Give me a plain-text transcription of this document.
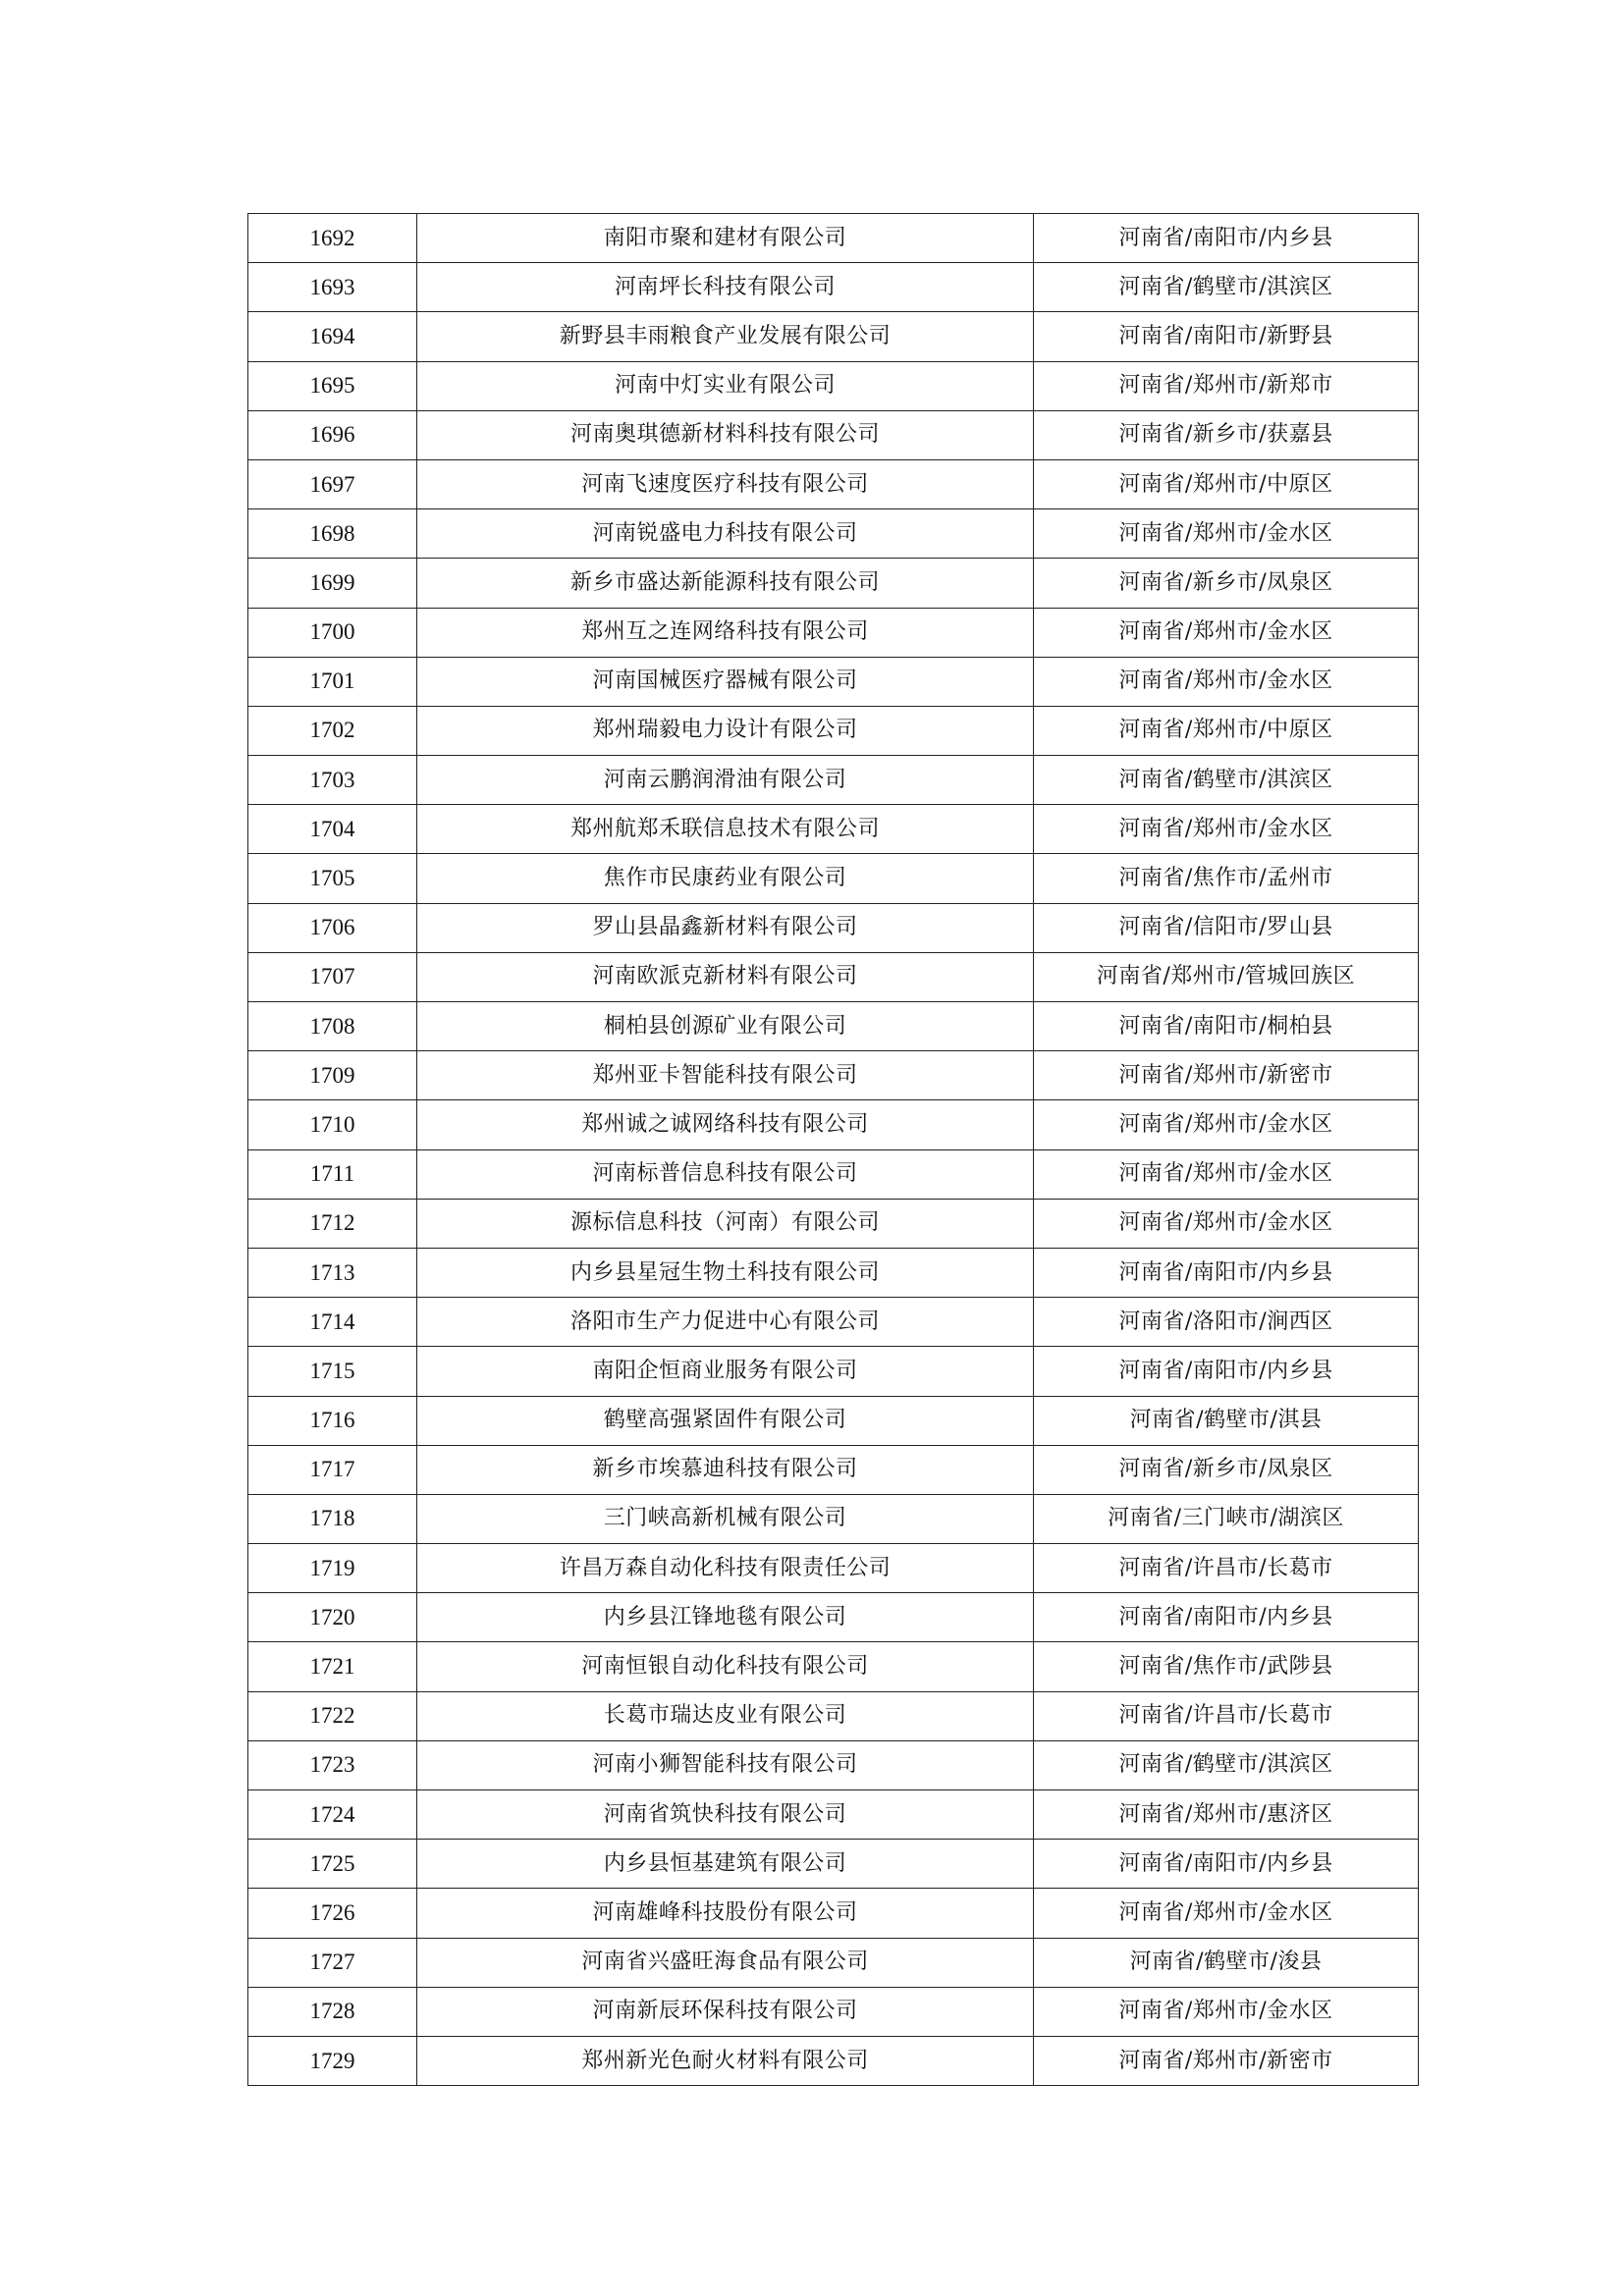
1692	南阳市聚和建材有限公司	河南省/南阳市/内乡县
1693	河南坪长科技有限公司	河南省/鹤壁市/淇滨区
1694	新野县丰雨粮食产业发展有限公司	河南省/南阳市/新野县
1695	河南中灯实业有限公司	河南省/郑州市/新郑市
1696	河南奥琪德新材料科技有限公司	河南省/新乡市/获嘉县
1697	河南飞速度医疗科技有限公司	河南省/郑州市/中原区
1698	河南锐盛电力科技有限公司	河南省/郑州市/金水区
1699	新乡市盛达新能源科技有限公司	河南省/新乡市/凤泉区
1700	郑州互之连网络科技有限公司	河南省/郑州市/金水区
1701	河南国械医疗器械有限公司	河南省/郑州市/金水区
1702	郑州瑞毅电力设计有限公司	河南省/郑州市/中原区
1703	河南云鹏润滑油有限公司	河南省/鹤壁市/淇滨区
1704	郑州航郑禾联信息技术有限公司	河南省/郑州市/金水区
1705	焦作市民康药业有限公司	河南省/焦作市/孟州市
1706	罗山县晶鑫新材料有限公司	河南省/信阳市/罗山县
1707	河南欧派克新材料有限公司	河南省/郑州市/管城回族区
1708	桐柏县创源矿业有限公司	河南省/南阳市/桐柏县
1709	郑州亚卡智能科技有限公司	河南省/郑州市/新密市
1710	郑州诚之诚网络科技有限公司	河南省/郑州市/金水区
1711	河南标普信息科技有限公司	河南省/郑州市/金水区
1712	源标信息科技（河南）有限公司	河南省/郑州市/金水区
1713	内乡县星冠生物土科技有限公司	河南省/南阳市/内乡县
1714	洛阳市生产力促进中心有限公司	河南省/洛阳市/涧西区
1715	南阳企恒商业服务有限公司	河南省/南阳市/内乡县
1716	鹤壁高强紧固件有限公司	河南省/鹤壁市/淇县
1717	新乡市埃慕迪科技有限公司	河南省/新乡市/凤泉区
1718	三门峡高新机械有限公司	河南省/三门峡市/湖滨区
1719	许昌万森自动化科技有限责任公司	河南省/许昌市/长葛市
1720	内乡县江锋地毯有限公司	河南省/南阳市/内乡县
1721	河南恒银自动化科技有限公司	河南省/焦作市/武陟县
1722	长葛市瑞达皮业有限公司	河南省/许昌市/长葛市
1723	河南小狮智能科技有限公司	河南省/鹤壁市/淇滨区
1724	河南省筑快科技有限公司	河南省/郑州市/惠济区
1725	内乡县恒基建筑有限公司	河南省/南阳市/内乡县
1726	河南雄峰科技股份有限公司	河南省/郑州市/金水区
1727	河南省兴盛旺海食品有限公司	河南省/鹤壁市/浚县
1728	河南新辰环保科技有限公司	河南省/郑州市/金水区
1729	郑州新光色耐火材料有限公司	河南省/郑州市/新密市
